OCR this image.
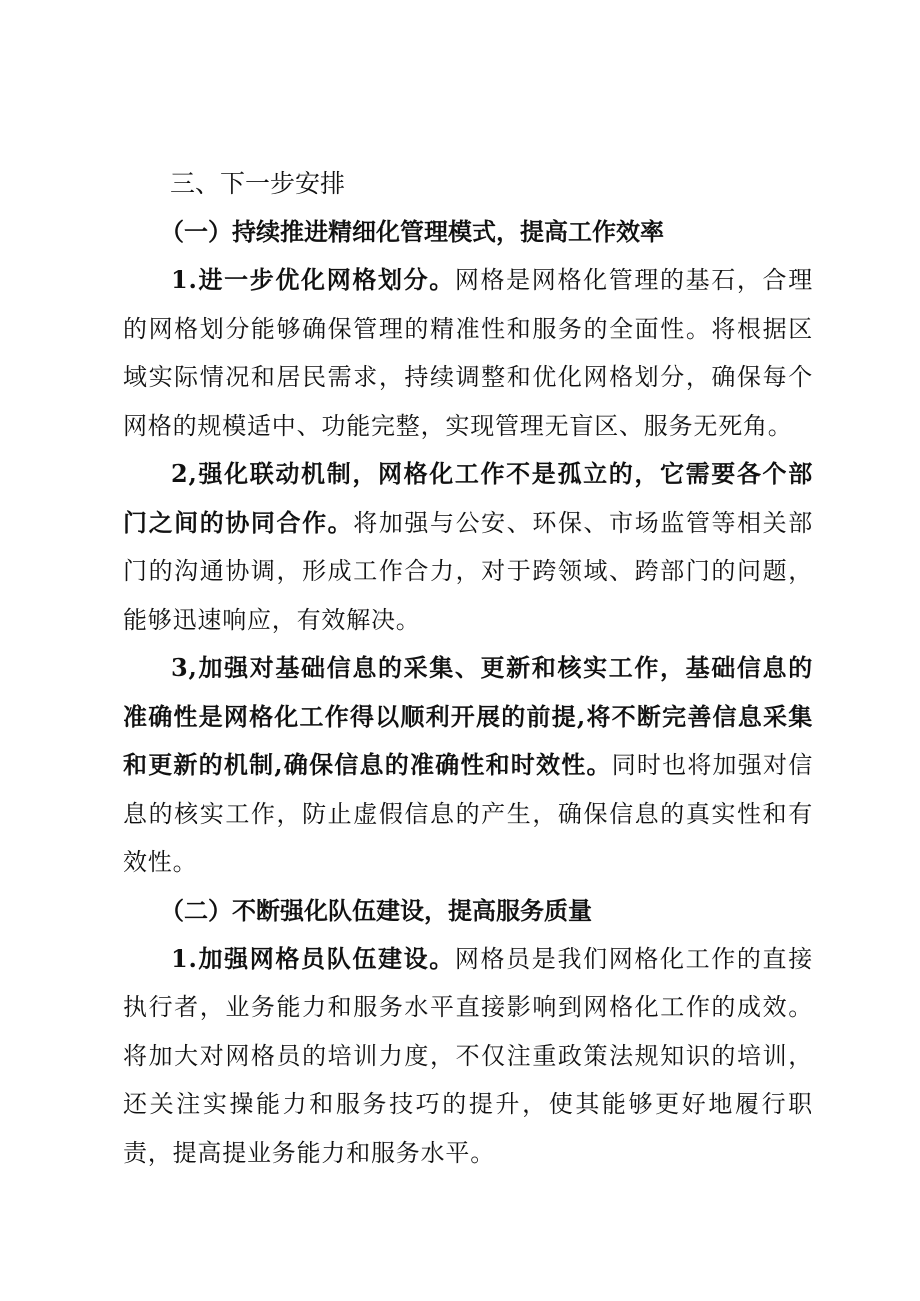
三、下一步安排

（一）持续推进精细化管理模式，提高工作效率

1.进一步优化网格划分。网格是网格化管理的基石，合理的网格划分能够确保管理的精准性和服务的全面性。将根据区域实际情况和居民需求，持续调整和优化网格划分，确保每个网格的规模适中、功能完整，实现管理无盲区、服务无死角。

2,强化联动机制，网格化工作不是孤立的，它需要各个部门之间的协同合作。将加强与公安、环保、市场监管等相关部门的沟通协调，形成工作合力，对于跨领域、跨部门的问题，能够迅速响应，有效解决。

3,加强对基础信息的采集、更新和核实工作，基础信息的准确性是网格化工作得以顺利开展的前提,将不断完善信息采集和更新的机制,确保信息的准确性和时效性。同时也将加强对信息的核实工作，防止虚假信息的产生，确保信息的真实性和有效性。

（二）不断强化队伍建设，提高服务质量

1.加强网格员队伍建设。网格员是我们网格化工作的直接执行者，业务能力和服务水平直接影响到网格化工作的成效。将加大对网格员的培训力度，不仅注重政策法规知识的培训，还关注实操能力和服务技巧的提升，使其能够更好地履行职责，提高提业务能力和服务水平。
